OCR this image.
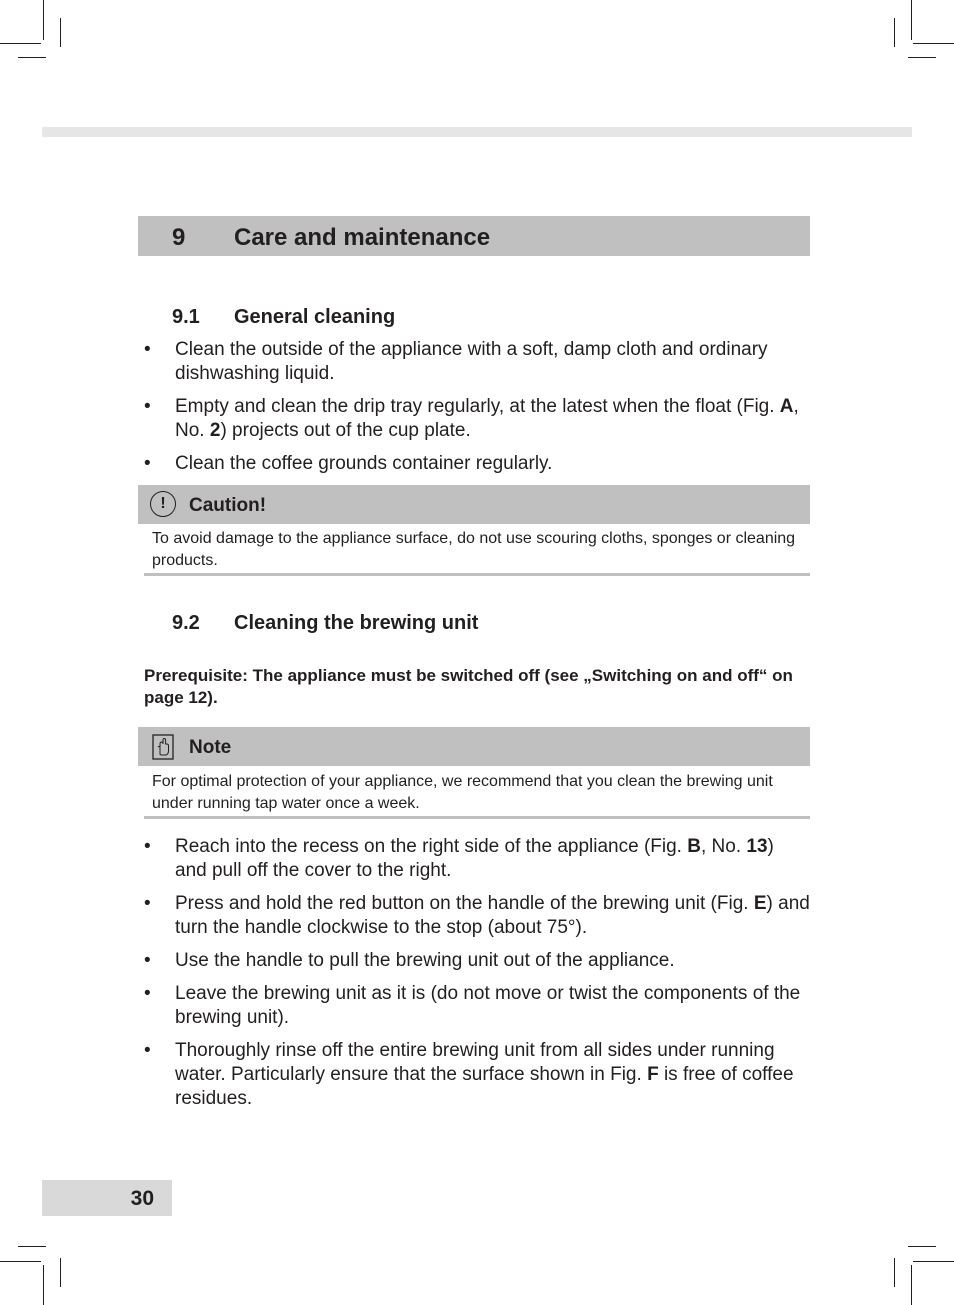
9 Care and maintenance
9.1 General cleaning
• Clean the outside of the appliance with a soft, damp cloth and ordinary dishwashing liquid.
• Empty and clean the drip tray regularly, at the latest when the float (Fig. A, No. 2) projects out of the cup plate.
• Clean the coffee grounds container regularly.
!	Caution!
To avoid damage to the appliance surface, do not use scouring cloths, sponges or cleaning products.
9.2 Cleaning the brewing unit
Prerequisite: The appliance must be switched off (see „Switching on and off“ on page 12).
Note
For optimal protection of your appliance, we recommend that you clean the brewing unit under running tap water once a week.
• Reach into the recess on the right side of the appliance (Fig. B, No. 13) and pull off the cover to the right.
• Press and hold the red button on the handle of the brewing unit (Fig. E) and turn the handle clockwise to the stop (about 75°).
• Use the handle to pull the brewing unit out of the appliance.
• Leave the brewing unit as it is (do not move or twist the components of the brewing unit).
• Thoroughly rinse off the entire brewing unit from all sides under running water. Particularly ensure that the surface shown in Fig. F is free of coffee residues.
30
